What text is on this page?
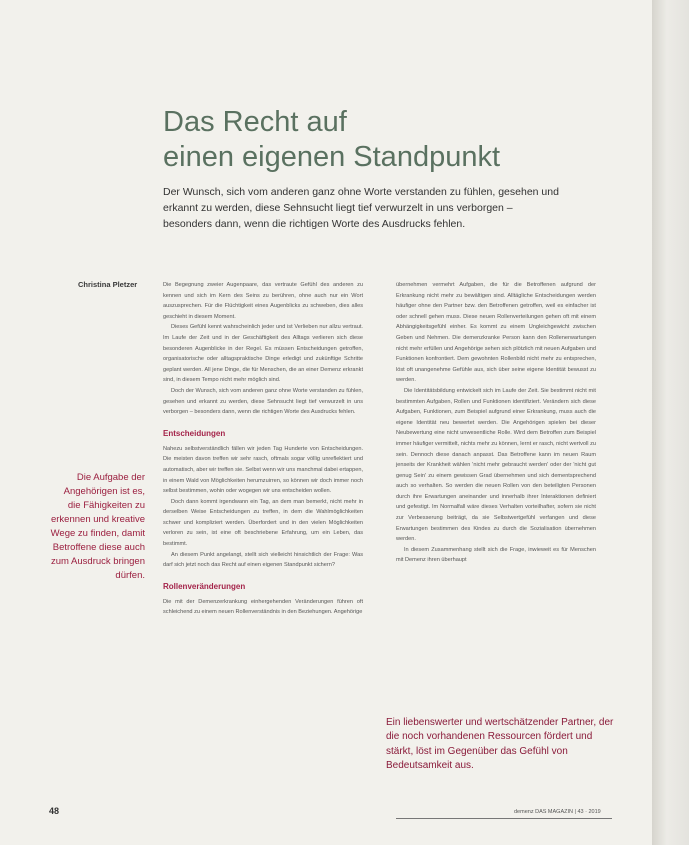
Das Recht auf
einen eigenen Standpunkt

Der Wunsch, sich vom anderen ganz ohne Worte verstanden zu fühlen, gesehen und erkannt zu werden, diese Sehnsucht liegt tief verwurzelt in uns verborgen – besonders dann, wenn die richtigen Worte des Ausdrucks fehlen.

Christina Pletzer
Die Aufgabe der Angehörigen ist es, die Fähigkeiten zu erkennen und kreative Wege zu finden, damit Betroffene diese auch zum Ausdruck bringen dürfen.

Die Begegnung zweier Augenpaare, das vertraute Gefühl des anderen zu kennen und sich im Kern des Seins zu berühren, ohne auch nur ein Wort auszusprechen. Für die Flüchtigkeit eines Augenblicks zu schweben, dies alles geschieht in diesem Moment.

Dieses Gefühl kennt wahrscheinlich jeder und ist Verlieben nur allzu vertraut. Im Laufe der Zeit und in der Geschäftigkeit des Alltags verlieren sich diese besonderen Augenblicke in der Regel. Es müssen Entscheidungen getroffen, organisatorische oder alltagspraktische Dinge erledigt und zukünftige Schritte geplant werden. All jene Dinge, die für Menschen, die an einer Demenz erkrankt sind, in diesem Tempo nicht mehr möglich sind.

Doch der Wunsch, sich vom anderen ganz ohne Worte verstanden zu fühlen, gesehen und erkannt zu werden, diese Sehnsucht liegt tief verwurzelt in uns verborgen – besonders dann, wenn die richtigen Worte des Ausdrucks fehlen.

Entscheidungen

Nahezu selbstverständlich fällen wir jeden Tag Hunderte von Entscheidungen. Die meisten davon treffen wir sehr rasch, oftmals sogar völlig unreflektiert und automatisch, aber wir treffen sie. Selbst wenn wir uns manchmal dabei ertappen, in einem Wald von Möglichkeiten herumzuirren, so können wir doch immer noch selbst bestimmen, wohin oder wogegen wir uns entscheiden wollen.

Doch dann kommt irgendwann ein Tag, an dem man bemerkt, nicht mehr in derselben Weise Entscheidungen zu treffen, in dem die Wahlmöglichkeiten schwer und kompliziert werden. Überfordert und in den vielen Möglichkeiten verloren zu sein, ist eine oft beschriebene Erfahrung, um ein Leben, das bestimmt.

An diesem Punkt angelangt, stellt sich vielleicht hinsichtlich der Frage: Was darf sich jetzt noch das Recht auf einen eigenen Standpunkt sichern?

Rollenveränderungen

Die mit der Demenzerkrankung einhergehenden Veränderungen führen oft schleichend zu einem neuen Rollenverständnis in den Beziehungen. Angehörige

übernehmen vermehrt Aufgaben, die für die Betroffenen aufgrund der Erkrankung nicht mehr zu bewältigen sind. Alltägliche Entscheidungen werden häufiger ohne den Partner bzw. den Betroffenen getroffen, weil es einfacher ist oder schnell gehen muss. Diese neuen Rollenverteilungen gehen oft mit einem Abhängigkeitsgefühl einher. Es kommt zu einem Ungleichgewicht zwischen Geben und Nehmen. Die demenzkranke Person kann den Rollenerwartungen nicht mehr erfüllen und Angehörige sehen sich plötzlich mit neuen Aufgaben und Funktionen konfrontiert. Dem gewohnten Rollenbild nicht mehr zu entsprechen, löst oft unangenehme Gefühle aus, sich über seine eigene Identität bewusst zu werden.

Die Identitätsbildung entwickelt sich im Laufe der Zeit. Sie bestimmt nicht mit bestimmten Aufgaben, Rollen und Funktionen identifiziert. Verändern sich diese Aufgaben, Funktionen, zum Beispiel aufgrund einer Erkrankung, muss auch die eigene Identität neu bewertet werden. Die Angehörigen spielen bei dieser Neubewertung eine nicht unwesentliche Rolle. Wird dem Betroffen zum Beispiel immer häufiger vermittelt, nichts mehr zu können, lernt er rasch, nicht wertvoll zu sein. Dennoch diese danach anpasst. Das Betroffene kann im neuen Raum jenseits der Krankheit wählen 'nicht mehr gebraucht werden' oder der 'nicht gut genug Sein' zu einem gewissen Grad übernehmen und sich dementsprechend auch so verhalten. So werden die neuen Rollen von den beteiligten Personen durch ihre Erwartungen aneinander und innerhalb ihrer Interaktionen definiert und gefestigt. Im Normalfall wäre dieses Verhalten vorteilhafter, sofern sie nicht zur Verbesserung beiträgt, da sie Selbstwertgefühl verfangen und diese Erwartungen bestimmen des Kindes zu durch die Sozialisation übernehmen werden.

In diesem Zusammenhang stellt sich die Frage, inwieweit es für Menschen mit Demenz ihren überhaupt

Ein liebenswerter und wertschätzender Partner, der die noch vorhandenen Ressourcen fördert und stärkt, löst im Gegenüber das Gefühl von Bedeutsamkeit aus.
48	demenz DAS MAGAZIN | 43 · 2019
